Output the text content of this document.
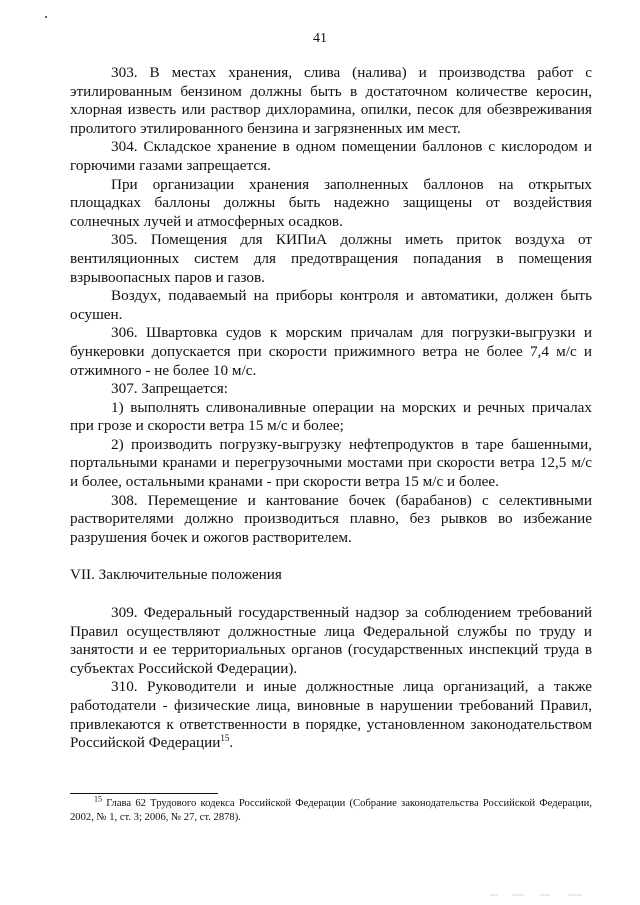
41

303. В местах хранения, слива (налива) и производства работ с этилированным бензином должны быть в достаточном количестве керосин, хлорная известь или раствор дихлорамина, опилки, песок для обезвреживания пролитого этилированного бензина и загрязненных им мест.

304. Складское хранение в одном помещении баллонов с кислородом и горючими газами запрещается.

При организации хранения заполненных баллонов на открытых площадках баллоны должны быть надежно защищены от воздействия солнечных лучей и атмосферных осадков.

305. Помещения для КИПиА должны иметь приток воздуха от вентиляционных систем для предотвращения попадания в помещения взрывоопасных паров и газов.

Воздух, подаваемый на приборы контроля и автоматики, должен быть осушен.

306. Швартовка судов к морским причалам для погрузки-выгрузки и бункеровки допускается при скорости прижимного ветра не более 7,4 м/с и отжимного - не более 10 м/с.

307. Запрещается:

1) выполнять сливоналивные операции на морских и речных причалах при грозе и скорости ветра 15 м/с и более;

2) производить погрузку-выгрузку нефтепродуктов в таре башенными, портальными кранами и перегрузочными мостами при скорости ветра 12,5 м/с и более, остальными кранами - при скорости ветра 15 м/с и более.

308. Перемещение и кантование бочек (барабанов) с селективными растворителями должно производиться плавно, без рывков во избежание разрушения бочек и ожогов растворителем.

VII. Заключительные положения

309. Федеральный государственный надзор за соблюдением требований Правил осуществляют должностные лица Федеральной службы по труду и занятости и ее территориальных органов (государственных инспекций труда в субъектах Российской Федерации).

310. Руководители и иные должностные лица организаций, а также работодатели - физические лица, виновные в нарушении требований Правил, привлекаются к ответственности в порядке, установленном законодательством Российской Федерации$^{15}$.

$^{15}$ Глава 62 Трудового кодекса Российской Федерации (Собрание законодательства Российской Федерации, 2002, № 1, ст. 3; 2006, № 27, ст. 2878).
